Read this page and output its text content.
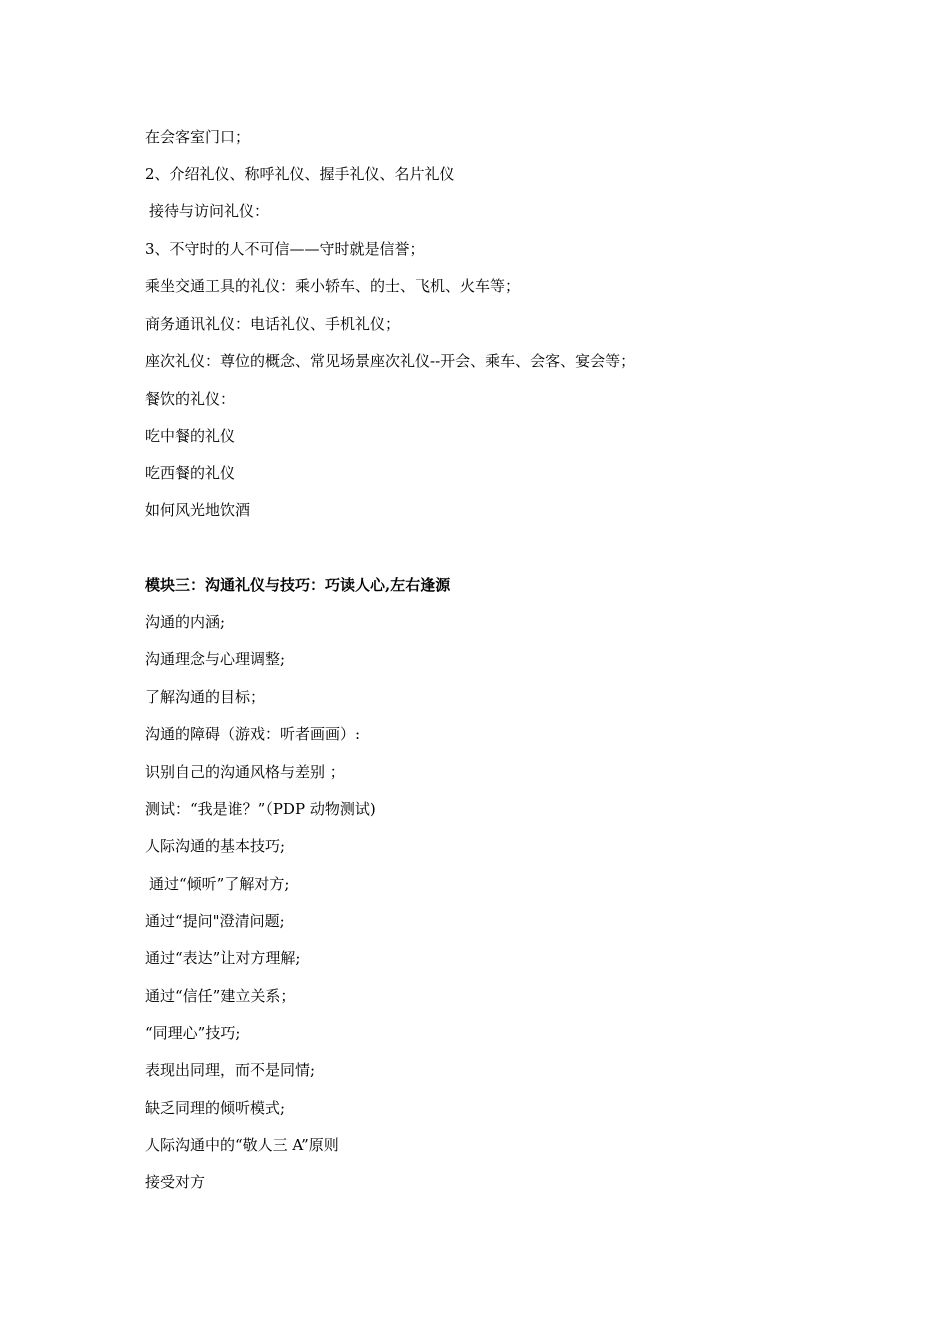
在会客室门口；
2、介绍礼仪、称呼礼仪、握手礼仪、名片礼仪
接待与访问礼仪：
3、不守时的人不可信——守时就是信誉；
乘坐交通工具的礼仪：乘小轿车、的士、飞机、火车等；
商务通讯礼仪：电话礼仪、手机礼仪；
座次礼仪：尊位的概念、常见场景座次礼仪--开会、乘车、会客、宴会等；
餐饮的礼仪：
吃中餐的礼仪
吃西餐的礼仪
如何风光地饮酒
模块三：沟通礼仪与技巧：巧读人心,左右逢源
沟通的内涵;
沟通理念与心理调整;
了解沟通的目标；
沟通的障碍（游戏：听者画画）:
识别自己的沟通风格与差别 ；
测试：“我是谁？”（PDP 动物测试)
人际沟通的基本技巧;
通过“倾听”了解对方;
通过“提问"澄清问题;
通过“表达”让对方理解;
通过“信任”建立关系；
“同理心”技巧;
表现出同理，而不是同情;
缺乏同理的倾听模式;
人际沟通中的“敬人三 A”原则
接受对方
